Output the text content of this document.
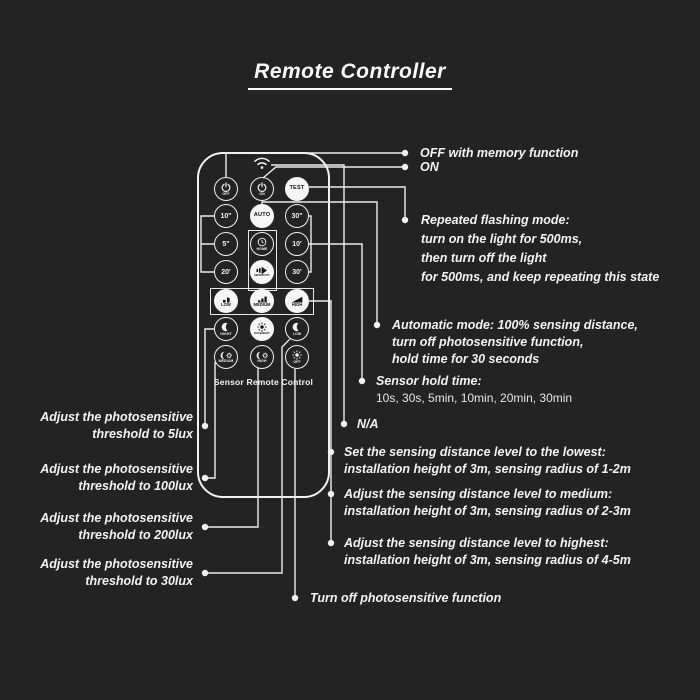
Remote Controller
Sensor Remote Control
OFF	ON
TEST
10"	AUTO	30"
5"
HOME
10'
20'
SENSITIVITY
30'
LOW	MEDIUM	HIGH
NIGHT	DAY&NIGHT	LOW
MEDIUM	HIGH	OFF
OFF with memory function
ON
Repeated flashing mode:
turn on the light for 500ms,
then turn off the light
for 500ms, and keep repeating this state
Automatic mode: 100% sensing distance,
turn off photosensitive function,
hold time for 30 seconds
Sensor hold time:
10s, 30s, 5min, 10min, 20min, 30min
N/A
Set the sensing distance level to the lowest:
installation height of 3m, sensing radius of 1-2m
Adjust the sensing distance level to medium:
installation height of 3m, sensing radius of 2-3m
Adjust the sensing distance level to highest:
installation height of 3m, sensing radius of 4-5m
Turn off photosensitive function
Adjust the photosensitive
threshold to 5lux
Adjust the photosensitive
threshold to 100lux
Adjust the photosensitive
threshold to 200lux
Adjust the photosensitive
threshold to 30lux
